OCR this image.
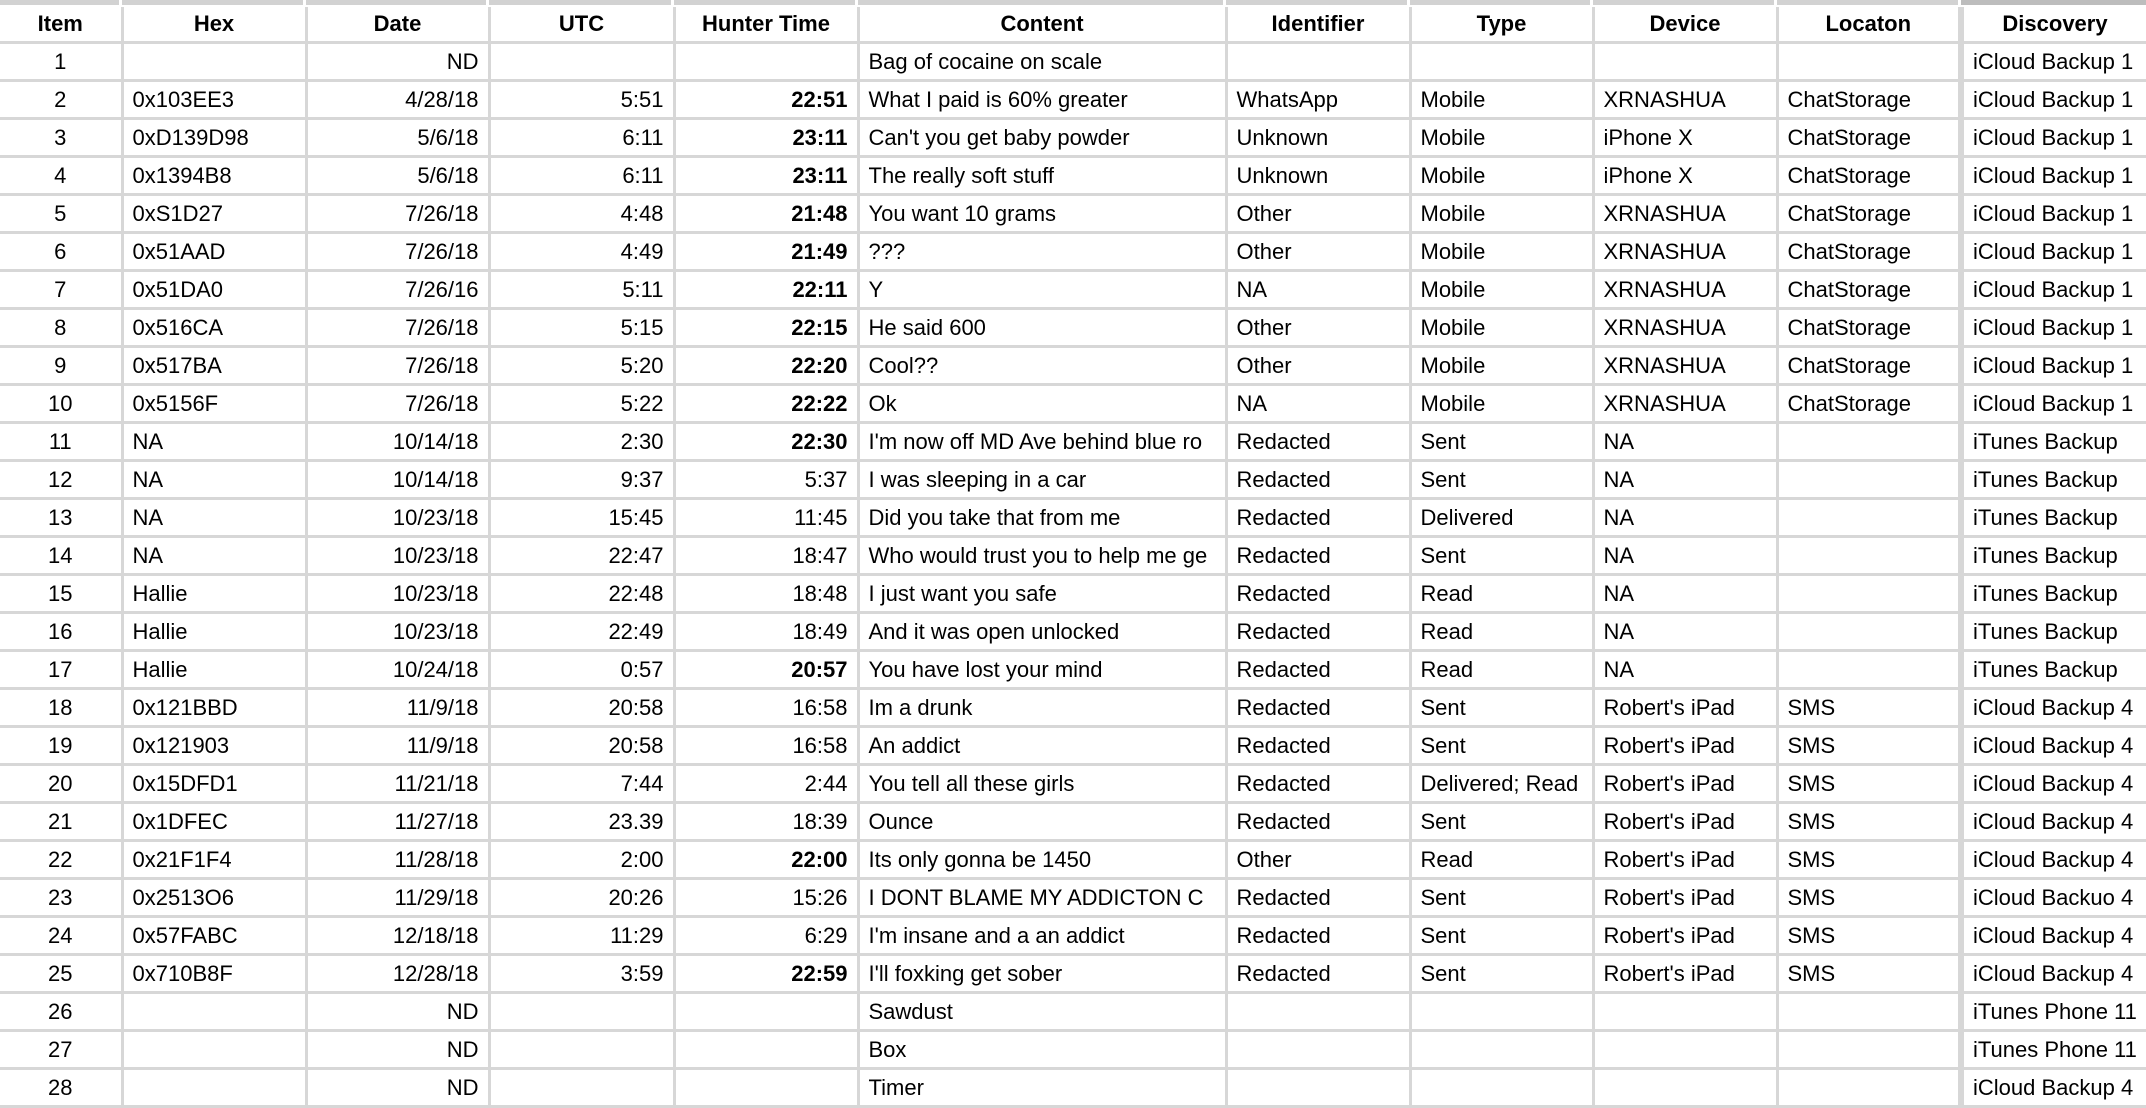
Item	Hex	Date	UTC	Hunter Time	Content	Identifier	Type	Device	Locaton	Discovery
1		ND			Bag of cocaine on scale					iCloud Backup 1
2	0x103EE3	4/28/18	5:51	22:51	What I paid is 60% greater	WhatsApp	Mobile	XRNASHUA	ChatStorage	iCloud Backup 1
3	0xD139D98	5/6/18	6:11	23:11	Can't you get baby powder	Unknown	Mobile	iPhone X	ChatStorage	iCloud Backup 1
4	0x1394B8	5/6/18	6:11	23:11	The really soft stuff	Unknown	Mobile	iPhone X	ChatStorage	iCloud Backup 1
5	0xS1D27	7/26/18	4:48	21:48	You want 10 grams	Other	Mobile	XRNASHUA	ChatStorage	iCloud Backup 1
6	0x51AAD	7/26/18	4:49	21:49	???	Other	Mobile	XRNASHUA	ChatStorage	iCloud Backup 1
7	0x51DA0	7/26/16	5:11	22:11	Y	NA	Mobile	XRNASHUA	ChatStorage	iCloud Backup 1
8	0x516CA	7/26/18	5:15	22:15	He said 600	Other	Mobile	XRNASHUA	ChatStorage	iCloud Backup 1
9	0x517BA	7/26/18	5:20	22:20	Cool??	Other	Mobile	XRNASHUA	ChatStorage	iCloud Backup 1
10	0x5156F	7/26/18	5:22	22:22	Ok	NA	Mobile	XRNASHUA	ChatStorage	iCloud Backup 1
11	NA	10/14/18	2:30	22:30	I'm now off MD Ave behind blue ro	Redacted	Sent	NA		iTunes Backup
12	NA	10/14/18	9:37	5:37	I was sleeping in a car	Redacted	Sent	NA		iTunes Backup
13	NA	10/23/18	15:45	11:45	Did you take that from me	Redacted	Delivered	NA		iTunes Backup
14	NA	10/23/18	22:47	18:47	Who would trust you to help me ge	Redacted	Sent	NA		iTunes Backup
15	Hallie	10/23/18	22:48	18:48	I just want you safe	Redacted	Read	NA		iTunes Backup
16	Hallie	10/23/18	22:49	18:49	And it was open unlocked	Redacted	Read	NA		iTunes Backup
17	Hallie	10/24/18	0:57	20:57	You have lost your mind	Redacted	Read	NA		iTunes Backup
18	0x121BBD	11/9/18	20:58	16:58	Im a drunk	Redacted	Sent	Robert's iPad	SMS	iCloud Backup 4
19	0x121903	11/9/18	20:58	16:58	An addict	Redacted	Sent	Robert's iPad	SMS	iCloud Backup 4
20	0x15DFD1	11/21/18	7:44	2:44	You tell all these girls	Redacted	Delivered; Read	Robert's iPad	SMS	iCloud Backup 4
21	0x1DFEC	11/27/18	23.39	18:39	Ounce	Redacted	Sent	Robert's iPad	SMS	iCloud Backup 4
22	0x21F1F4	11/28/18	2:00	22:00	Its only gonna be 1450	Other	Read	Robert's iPad	SMS	iCloud Backup 4
23	0x2513O6	11/29/18	20:26	15:26	I DONT BLAME MY ADDICTON C	Redacted	Sent	Robert's iPad	SMS	iCloud Backuo 4
24	0x57FABC	12/18/18	11:29	6:29	I'm insane and a an addict	Redacted	Sent	Robert's iPad	SMS	iCloud Backup 4
25	0x710B8F	12/28/18	3:59	22:59	I'll foxking get sober	Redacted	Sent	Robert's iPad	SMS	iCloud Backup 4
26		ND			Sawdust					iTunes Phone 11
27		ND			Box					iTunes Phone 11
28		ND			Timer					iCloud Backup 4
